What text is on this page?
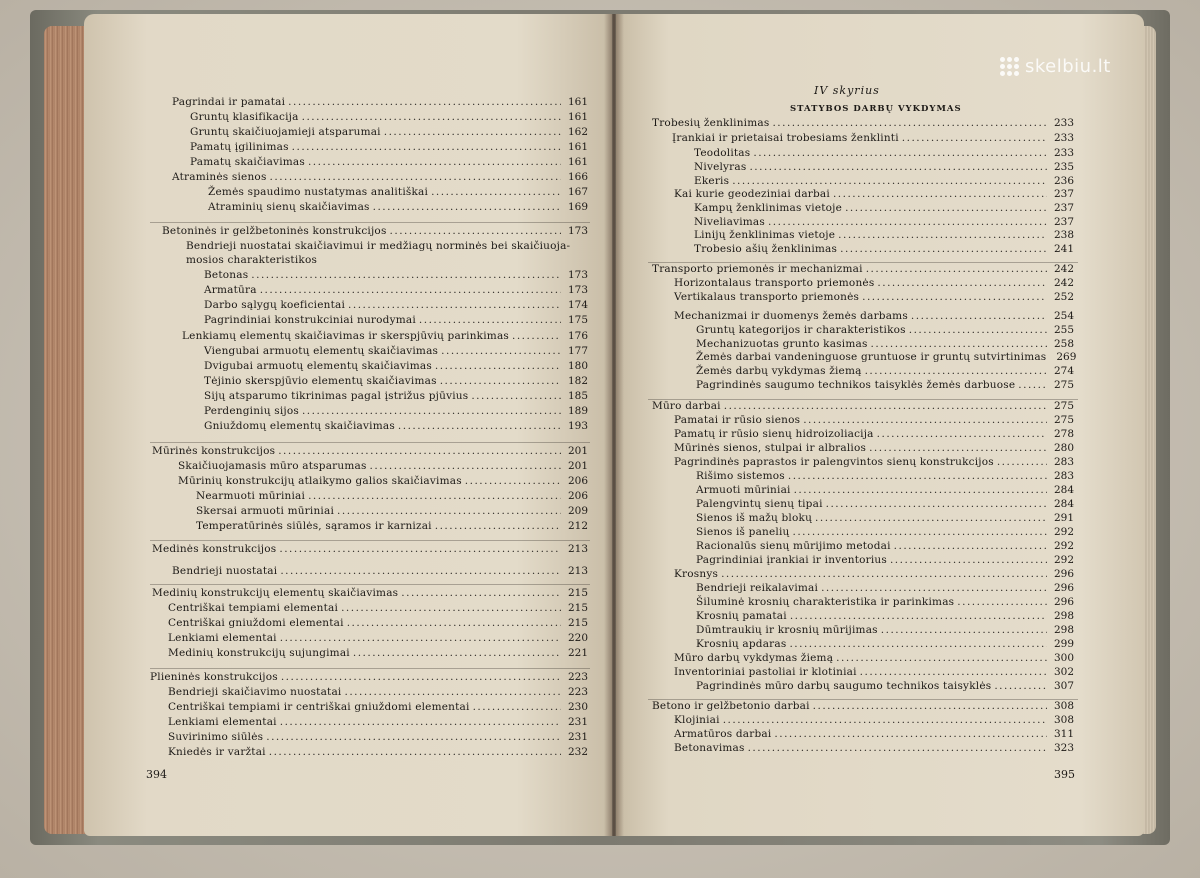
Pagrindai ir pamatai .....	161
Gruntų klasifikacija .....	161
Gruntų skaičiuojamieji atsparumai .....	162
Pamatų įgilinimas .....	161
Pamatų skaičiavimas .....	161
Atraminės sienos .....	166
Žemės spaudimo nustatymas analitiškai .....	167
Atraminių sienų skaičiavimas .....	169
Betoninės ir gelžbetoninės konstrukcijos .....	173
Bendrieji nuostatai skaičiavimui ir medžiagų norminės bei skaičiuoja-
mosios charakteristikos
Betonas .....	173
Armatūra .....	173
Darbo sąlygų koeficientai .....	174
Pagrindiniai konstrukciniai nurodymai .....	175
Lenkiamų elementų skaičiavimas ir skerspjūvių parinkimas .....	176
Viengubai armuotų elementų skaičiavimas .....	177
Dvigubai armuotų elementų skaičiavimas .....	180
Tėjinio skerspjūvio elementų skaičiavimas .....	182
Sijų atsparumo tikrinimas pagal įstrižus pjūvius .....	185
Perdenginių sijos .....	189
Gniuždomų elementų skaičiavimas .....	193
Mūrinės konstrukcijos .....	201
Skaičiuojamasis mūro atsparumas .....	201
Mūrinių konstrukcijų atlaikymo galios skaičiavimas .....	206
Nearmuoti mūriniai .....	206
Skersai armuoti mūriniai .....	209
Temperatūrinės siūlės, sąramos ir karnizai .....	212
Medinės konstrukcijos .....	213
Bendrieji nuostatai .....	213
Medinių konstrukcijų elementų skaičiavimas .....	215
Centriškai tempiami elementai .....	215
Centriškai gniuždomi elementai .....	215
Lenkiami elementai .....	220
Medinių konstrukcijų sujungimai .....	221
Plieninės konstrukcijos .....	223
Bendrieji skaičiavimo nuostatai .....	223
Centriškai tempiami ir centriškai gniuždomi elementai .....	230
Lenkiami elementai .....	231
Suvirinimo siūlės .....	231
Kniedės ir varžtai .....	232
394
IV skyrius
STATYBOS DARBŲ VYKDYMAS
Trobesių ženklinimas .....	233
Įrankiai ir prietaisai trobesiams ženklinti .....	233
Teodolitas .....	233
Nivelyras .....	235
Ekeris .....	236
Kai kurie geodeziniai darbai .....	237
Kampų ženklinimas vietoje .....	237
Niveliavimas .....	237
Linijų ženklinimas vietoje .....	238
Trobesio ašių ženklinimas .....	241
Transporto priemonės ir mechanizmai .....	242
Horizontalaus transporto priemonės .....	242
Vertikalaus transporto priemonės .....	252
Mechanizmai ir duomenys žemės darbams .....	254
Gruntų kategorijos ir charakteristikos .....	255
Mechanizuotas grunto kasimas .....	258
Žemės darbai vandeninguose gruntuose ir gruntų sutvirtinimas 269
Žemės darbų vykdymas žiemą .....	274
Pagrindinės saugumo technikos taisyklės žemės darbuose .....	275
Mūro darbai .....	275
Pamatai ir rūsio sienos .....	275
Pamatų ir rūsio sienų hidroizoliacija .....	278
Mūrinės sienos, stulpai ir albralios .....	280
Pagrindinės paprastos ir palengvintos sienų konstrukcijos .....	283
Rišimo sistemos .....	283
Armuoti mūriniai .....	284
Palengvintų sienų tipai .....	284
Sienos iš mažų blokų .....	291
Sienos iš panelių .....	292
Racionalūs sienų mūrijimo metodai .....	292
Pagrindiniai įrankiai ir inventorius .....	292
Krosnys .....	296
Bendrieji reikalavimai .....	296
Šiluminė krosnių charakteristika ir parinkimas .....	296
Krosnių pamatai .....	298
Dūmtraukių ir krosnių mūrijimas .....	298
Krosnių apdaras .....	299
Mūro darbų vykdymas žiemą .....	300
Inventoriniai pastoliai ir klotiniai .....	302
Pagrindinės mūro darbų saugumo technikos taisyklės .....	307
Betono ir gelžbetonio darbai .....	308
Klojiniai .....	308
Armatūros darbai .....	311
Betonavimas .....	323
395
skelbiu.lt
